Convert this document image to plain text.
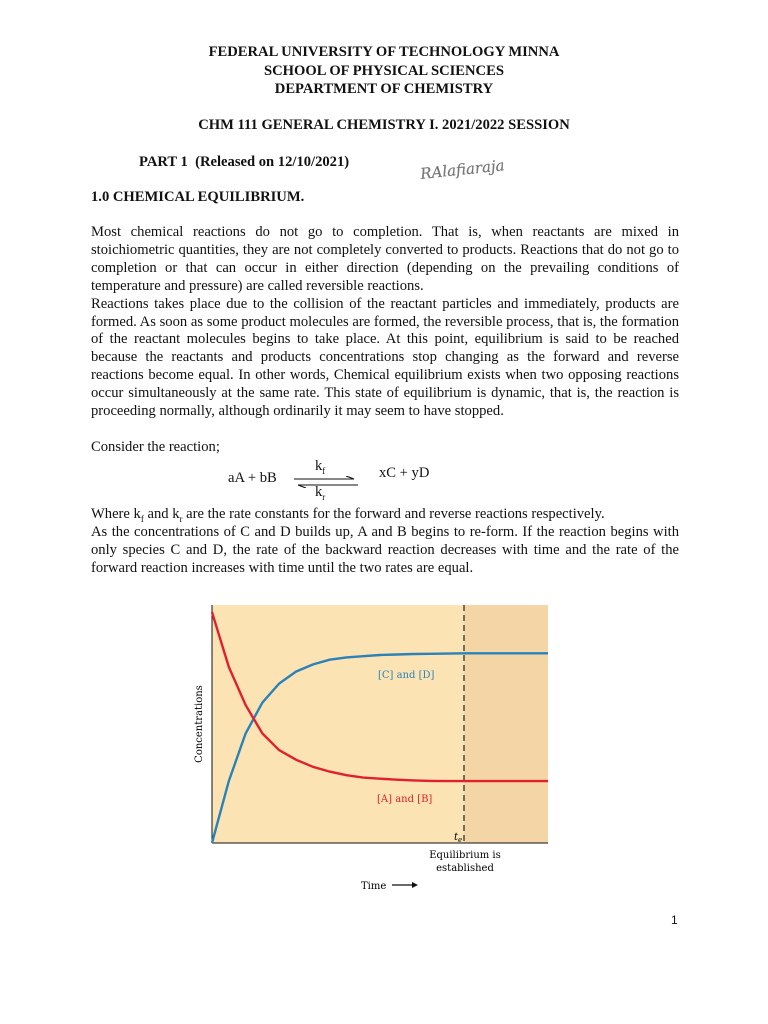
FEDERAL UNIVERSITY OF TECHNOLOGY MINNA
SCHOOL OF PHYSICAL SCIENCES
DEPARTMENT OF CHEMISTRY
CHM 111 GENERAL CHEMISTRY I. 2021/2022 SESSION
PART 1  (Released on 12/10/2021)	RAlafiaraja
1.0 CHEMICAL EQUILIBRIUM.

Most chemical reactions do not go to completion. That is, when reactants are mixed in stoichiometric quantities, they are not completely converted to products. Reactions that do not go to completion or that can occur in either direction (depending on the prevailing conditions of temperature and pressure) are called reversible reactions.

Reactions takes place due to the collision of the reactant particles and immediately, products are formed. As soon as some product molecules are formed, the reversible process, that is, the formation of the reactant molecules begins to take place. At this point, equilibrium is said to be reached because the reactants and products concentrations stop changing as the forward and reverse reactions become equal. In other words, Chemical equilibrium exists when two opposing reactions occur simultaneously at the same rate. This state of equilibrium is dynamic, that is, the reaction is proceeding normally, although ordinarily it may seem to have stopped.

Consider the reaction;
aA + bB	xC + yD
$k_f$
$k_r$
Where $k_f$ and $k_r$ are the rate constants for the forward and reverse reactions respectively.
As the concentrations of C and D builds up, A and B begins to re-form. If the reaction begins with only species C and D, the rate of the backward reaction decreases with time and the rate of the forward reaction increases with time until the two rates are equal.
[C] and [D]
[A] and [B]
Concentrations
Time
$t_e$
Equilibrium is
established
1
